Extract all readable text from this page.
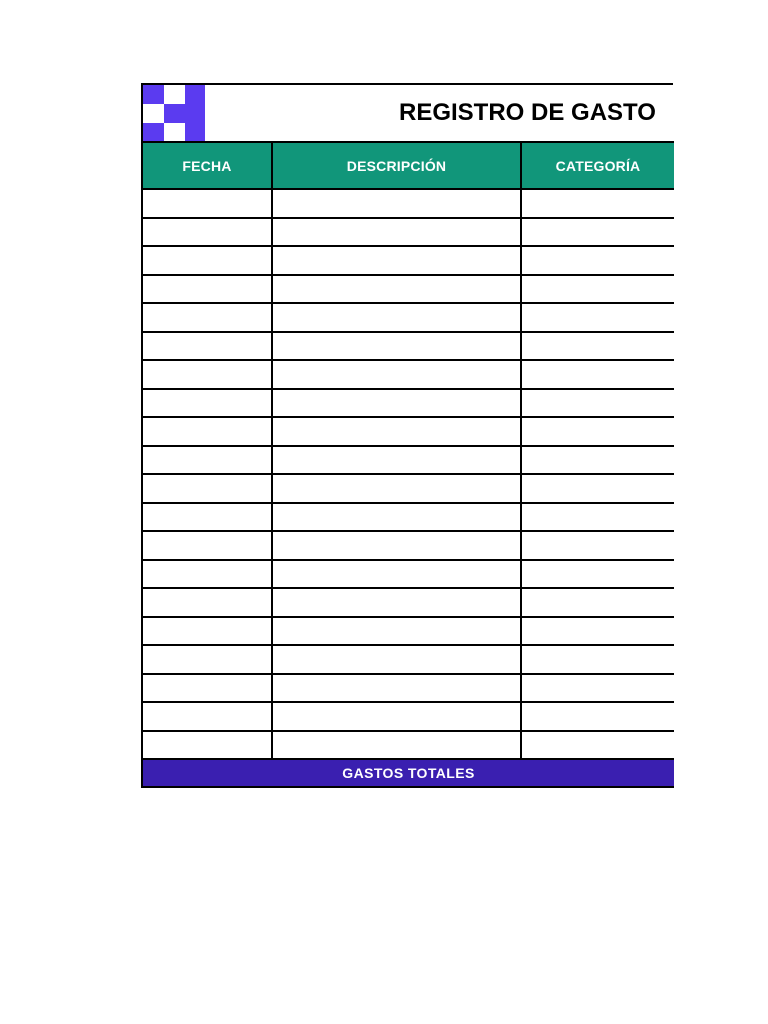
REGISTRO DE GASTO
FECHA	DESCRIPCIÓN	CATEGORÍA

GASTOS TOTALES		
